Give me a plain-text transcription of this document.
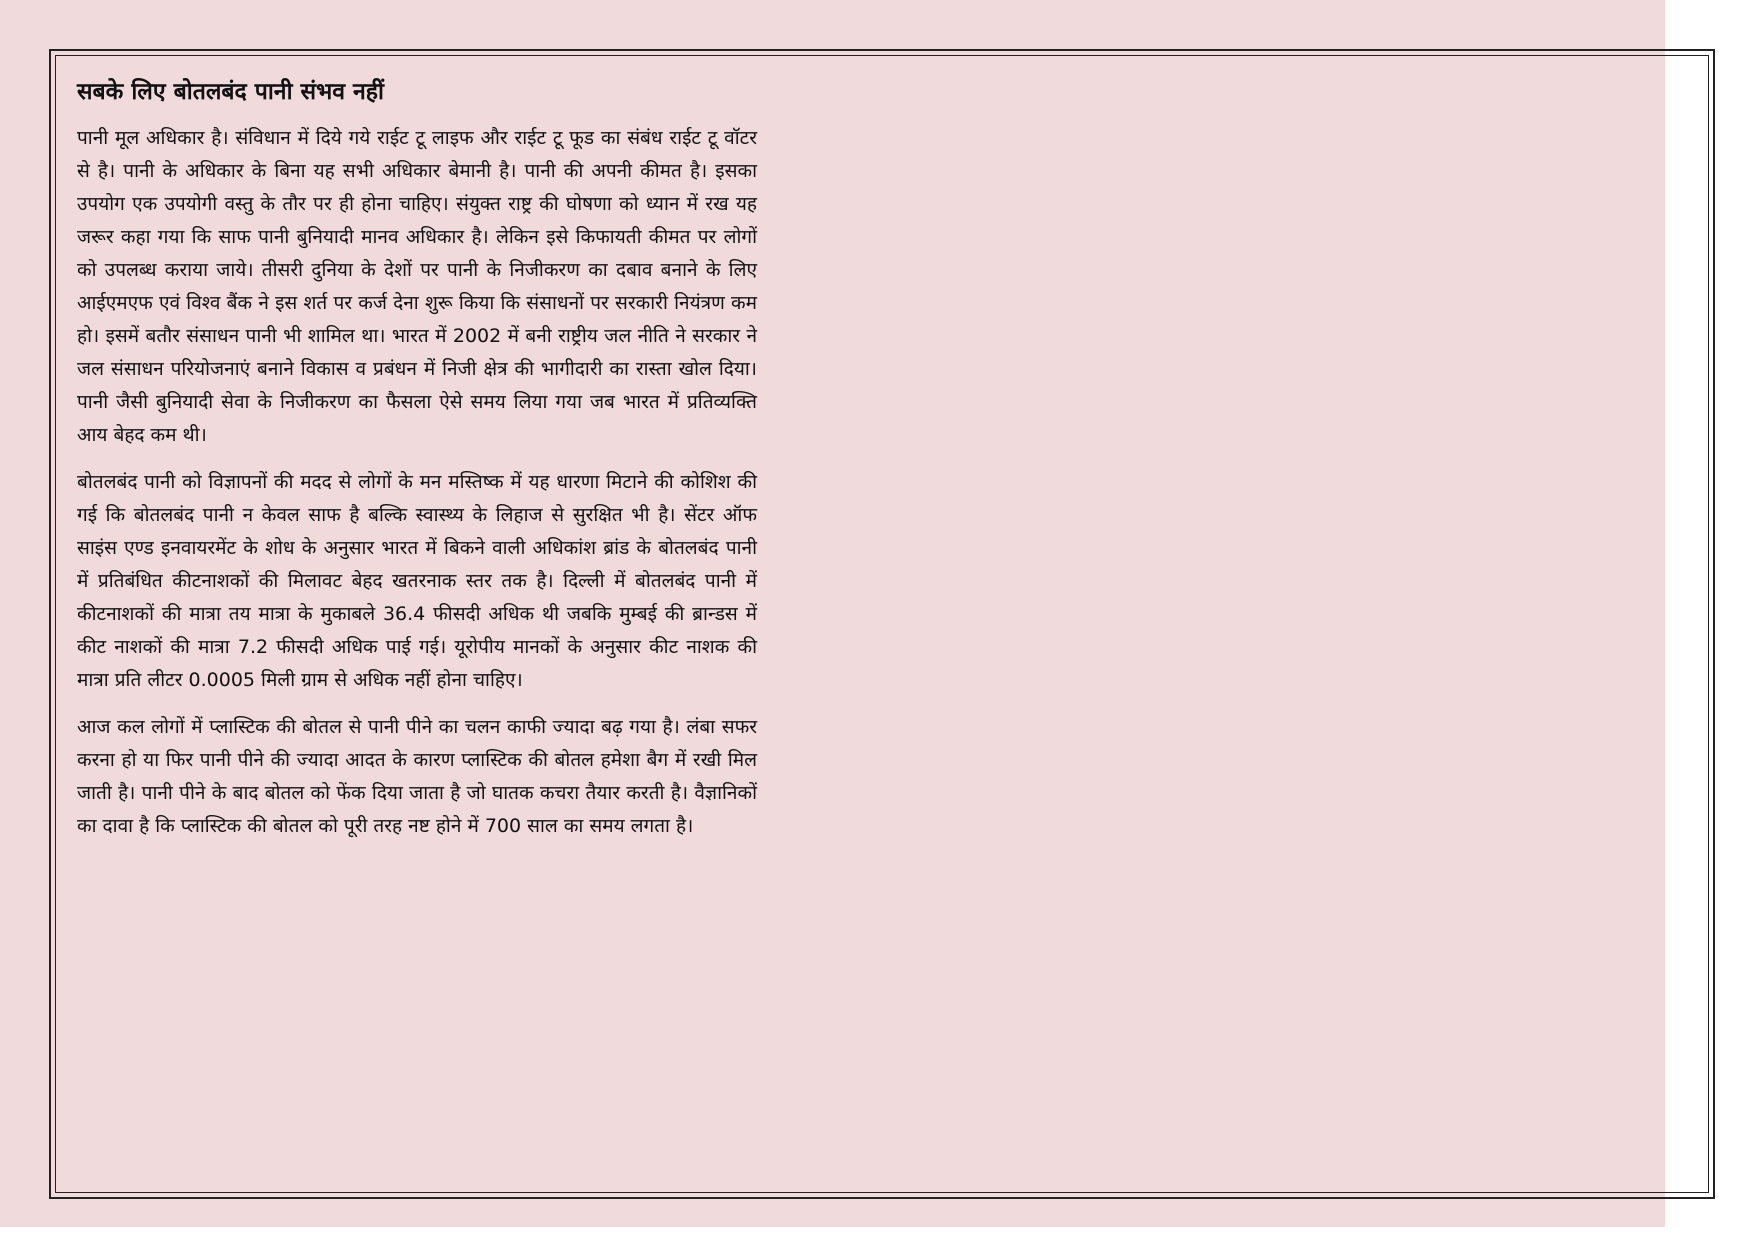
सबके लिए बोतलबंद पानी संभव नहीं

पानी मूल अधिकार है। संविधान में दिये गये राईट टू लाइफ और राईट टू फूड का संबंध राईट टू वॉटर से है। पानी के अधिकार के बिना यह सभी अधिकार बेमानी है। पानी की अपनी कीमत है। इसका उपयोग एक उपयोगी वस्तु के तौर पर ही होना चाहिए। संयुक्त राष्ट्र की घोषणा को ध्यान में रख यह जरूर कहा गया कि साफ पानी बुनियादी मानव अधिकार है। लेकिन इसे किफायती कीमत पर लोगों को उपलब्ध कराया जाये। तीसरी दुनिया के देशों पर पानी के निजीकरण का दबाव बनाने के लिए आईएमएफ एवं विश्व बैंक ने इस शर्त पर कर्ज देना शुरू किया कि संसाधनों पर सरकारी नियंत्रण कम हो। इसमें बतौर संसाधन पानी भी शामिल था। भारत में 2002 में बनी राष्ट्रीय जल नीति ने सरकार ने जल संसाधन परियोजनाएं बनाने विकास व प्रबंधन में निजी क्षेत्र की भागीदारी का रास्ता खोल दिया। पानी जैसी बुनियादी सेवा के निजीकरण का फैसला ऐसे समय लिया गया जब भारत में प्रतिव्यक्ति आय बेहद कम थी।

बोतलबंद पानी को विज्ञापनों की मदद से लोगों के मन मस्तिष्क में यह धारणा मिटाने की कोशिश की गई कि बोतलबंद पानी न केवल साफ है बल्कि स्वास्थ्य के लिहाज से सुरक्षित भी है। सेंटर ऑफ साइंस एण्ड इनवायरमेंट के शोध के अनुसार भारत में बिकने वाली अधिकांश ब्रांड के बोतलबंद पानी में प्रतिबंधित कीटनाशकों की मिलावट बेहद खतरनाक स्तर तक है। दिल्ली में बोतलबंद पानी में कीटनाशकों की मात्रा तय मात्रा के मुकाबले 36.4 फीसदी अधिक थी जबकि मुम्बई की ब्रान्डस में कीट नाशकों की मात्रा 7.2 फीसदी अधिक पाई गई। यूरोपीय मानकों के अनुसार कीट नाशक की मात्रा प्रति लीटर 0.0005 मिली ग्राम से अधिक नहीं होना चाहिए।

आज कल लोगों में प्लास्टिक की बोतल से पानी पीने का चलन काफी ज्यादा बढ़ गया है। लंबा सफर करना हो या फिर पानी पीने की ज्यादा आदत के कारण प्लास्टिक की बोतल हमेशा बैग में रखी मिल जाती है। पानी पीने के बाद बोतल को फेंक दिया जाता है जो घातक कचरा तैयार करती है। वैज्ञानिकों का दावा है कि प्लास्टिक की बोतल को पूरी तरह नष्ट होने में 700 साल का समय लगता है।
